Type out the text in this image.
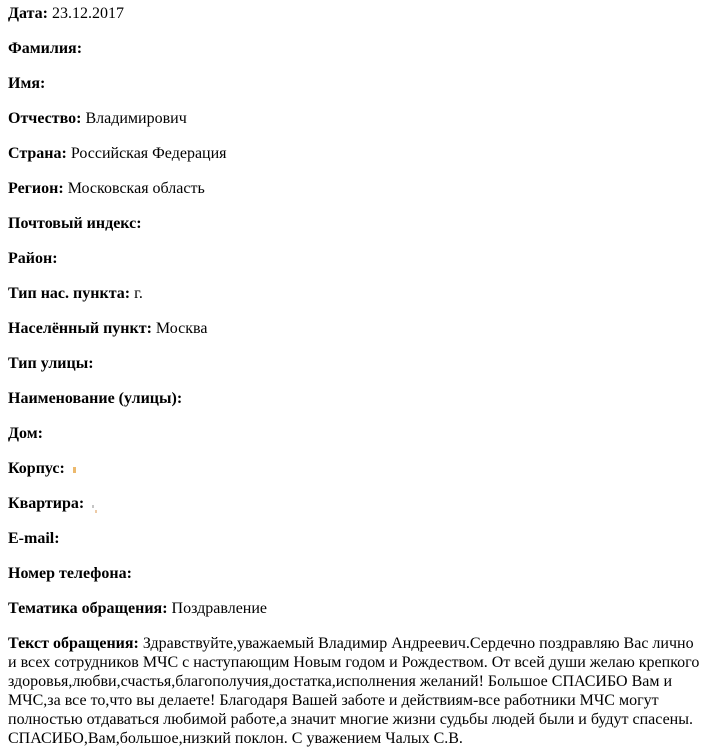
Дата: 23.12.2017

Фамилия:

Имя:

Отчество: Владимирович

Страна: Российская Федерация

Регион: Московская область

Почтовый индекс:

Район:

Тип нас. пункта: г.

Населённый пункт: Москва

Тип улицы:

Наименование (улицы):

Дом:

Корпус:

Квартира:

E-mail:

Номер телефона:

Тематика обращения: Поздравление

Текст обращения: Здравствуйте,уважаемый Владимир Андреевич.Сердечно поздравляю Вас лично и всех сотрудников МЧС с наступающим Новым годом и Рождеством. От всей души желаю крепкого здоровья,любви,счастья,благополучия,достатка,исполнения желаний! Большое СПАСИБО Вам и МЧС,за все то,что вы делаете! Благодаря Вашей заботе и действиям-все работники МЧС могут полностью отдаваться любимой работе,а значит многие жизни судьбы людей были и будут спасены. СПАСИБО,Вам,большое,низкий поклон. С уважением Чалых С.В.
